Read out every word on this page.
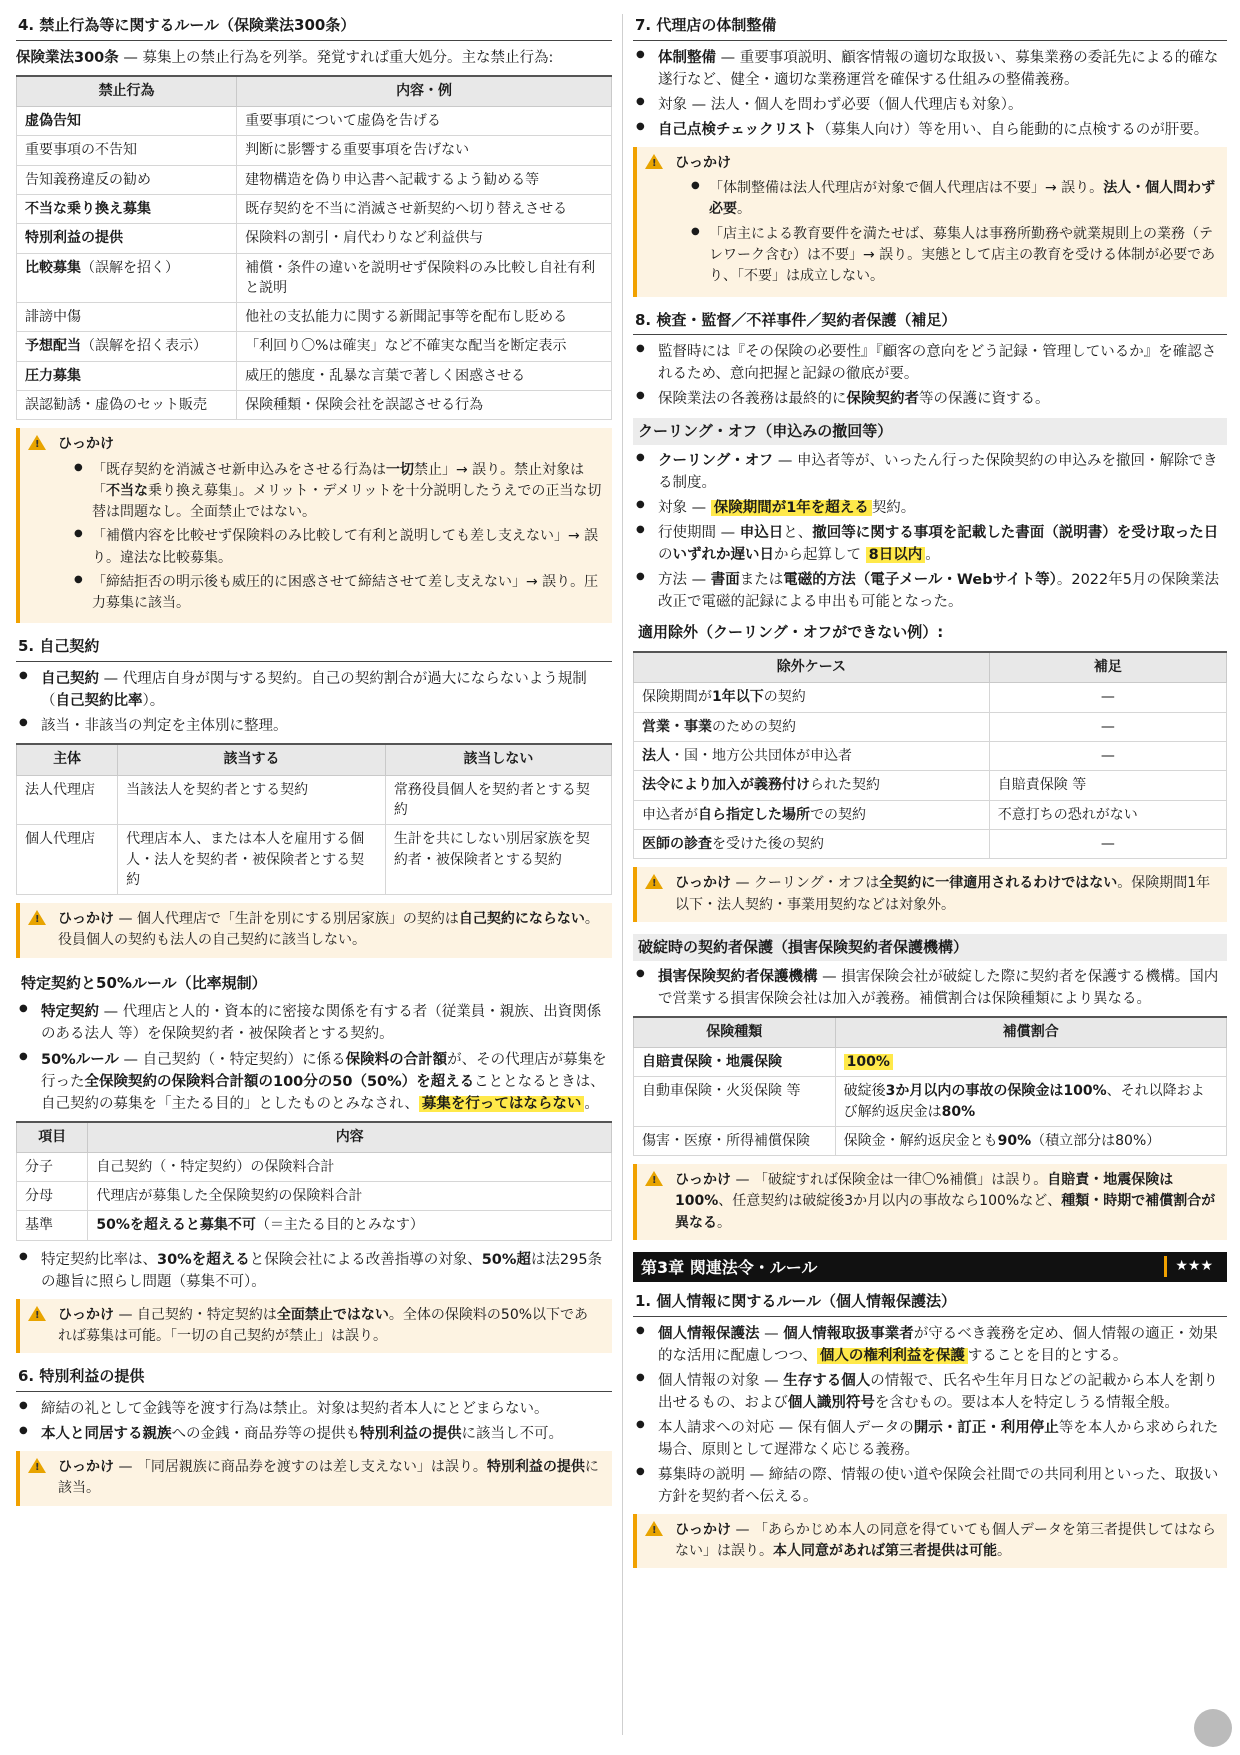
4. 禁止行為等に関するルール（保険業法300条）

保険業法300条 — 募集上の禁止行為を列挙。発覚すれば重大処分。主な禁止行為:

禁止行為	内容・例
虚偽告知	重要事項について虚偽を告げる
重要事項の不告知	判断に影響する重要事項を告げない
告知義務違反の勧め	建物構造を偽り申込書へ記載するよう勧める等
不当な乗り換え募集	既存契約を不当に消滅させ新契約へ切り替えさせる
特別利益の提供	保険料の割引・肩代わりなど利益供与
比較募集（誤解を招く）	補償・条件の違いを説明せず保険料のみ比較し自社有利と説明
誹謗中傷	他社の支払能力に関する新聞記事等を配布し貶める
予想配当（誤解を招く表示）	「利回り〇%は確実」など不確実な配当を断定表示
圧力募集	威圧的態度・乱暴な言葉で著しく困惑させる
誤認勧誘・虚偽のセット販売	保険種類・保険会社を誤認させる行為
!
ひっかけ
● 「既存契約を消滅させ新申込みをさせる行為は一切禁止」→ 誤り。禁止対象は「不当な乗り換え募集」。メリット・デメリットを十分説明したうえでの正当な切替は問題なし。全面禁止ではない。
● 「補償内容を比較せず保険料のみ比較して有利と説明しても差し支えない」→ 誤り。違法な比較募集。
● 「締結拒否の明示後も威圧的に困惑させて締結させて差し支えない」→ 誤り。圧力募集に該当。
5. 自己契約
● 自己契約 — 代理店自身が関与する契約。自己の契約割合が過大にならないよう規制（自己契約比率）。
● 該当・非該当の判定を主体別に整理。
主体	該当する	該当しない
法人代理店	当該法人を契約者とする契約	常務役員個人を契約者とする契約
個人代理店	代理店本人、または本人を雇用する個人・法人を契約者・被保険者とする契約	生計を共にしない別居家族を契約者・被保険者とする契約
!
ひっかけ — 個人代理店で「生計を別にする別居家族」の契約は自己契約にならない。役員個人の契約も法人の自己契約に該当しない。
特定契約と50%ルール（比率規制）
● 特定契約 — 代理店と人的・資本的に密接な関係を有する者（従業員・親族、出資関係のある法人 等）を保険契約者・被保険者とする契約。
● 50%ルール — 自己契約（・特定契約）に係る保険料の合計額が、その代理店が募集を行った全保険契約の保険料合計額の100分の50（50%）を超えることとなるときは、自己契約の募集を「主たる目的」としたものとみなされ、 募集を行ってはならない 。
項目	内容
分子	自己契約（・特定契約）の保険料合計
分母	代理店が募集した全保険契約の保険料合計
基準	50%を超えると募集不可（＝主たる目的とみなす）
● 特定契約比率は、30%を超えると保険会社による改善指導の対象、50%超は法295条の趣旨に照らし問題（募集不可）。
!
ひっかけ — 自己契約・特定契約は全面禁止ではない。全体の保険料の50%以下であれば募集は可能。「一切の自己契約が禁止」は誤り。
6. 特別利益の提供
● 締結の礼として金銭等を渡す行為は禁止。対象は契約者本人にとどまらない。
● 本人と同居する親族への金銭・商品券等の提供も特別利益の提供に該当し不可。
!
ひっかけ — 「同居親族に商品券を渡すのは差し支えない」は誤り。特別利益の提供に該当。
7. 代理店の体制整備
● 体制整備 — 重要事項説明、顧客情報の適切な取扱い、募集業務の委託先による的確な遂行など、健全・適切な業務運営を確保する仕組みの整備義務。
● 対象 — 法人・個人を問わず必要（個人代理店も対象）。
● 自己点検チェックリスト（募集人向け）等を用い、自ら能動的に点検するのが肝要。
!
ひっかけ
● 「体制整備は法人代理店が対象で個人代理店は不要」→ 誤り。法人・個人問わず必要。
● 「店主による教育要件を満たせば、募集人は事務所勤務や就業規則上の業務（テレワーク含む）は不要」→ 誤り。実態として店主の教育を受ける体制が必要であり、「不要」は成立しない。
8. 検査・監督／不祥事件／契約者保護（補足）
● 監督時には『その保険の必要性』『顧客の意向をどう記録・管理しているか』を確認されるため、意向把握と記録の徹底が要。
● 保険業法の各義務は最終的に保険契約者等の保護に資する。
クーリング・オフ（申込みの撤回等）
● クーリング・オフ — 申込者等が、いったん行った保険契約の申込みを撤回・解除できる制度。
● 対象 — 保険期間が1年を超える 契約。
● 行使期間 — 申込日と、撤回等に関する事項を記載した書面（説明書）を受け取った日のいずれか遅い日から起算して 8日以内 。
● 方法 — 書面または電磁的方法（電子メール・Webサイト等）。2022年5月の保険業法改正で電磁的記録による申出も可能となった。
適用除外（クーリング・オフができない例）:
除外ケース	補足
保険期間が1年以下の契約	—
営業・事業のための契約	—
法人・国・地方公共団体が申込者	—
法令により加入が義務付けられた契約	自賠責保険 等
申込者が自ら指定した場所での契約	不意打ちの恐れがない
医師の診査を受けた後の契約	—
!
ひっかけ — クーリング・オフは全契約に一律適用されるわけではない。保険期間1年以下・法人契約・事業用契約などは対象外。
破綻時の契約者保護（損害保険契約者保護機構）
● 損害保険契約者保護機構 — 損害保険会社が破綻した際に契約者を保護する機構。国内で営業する損害保険会社は加入が義務。補償割合は保険種類により異なる。
保険種類	補償割合
自賠責保険・地震保険	100%
自動車保険・火災保険 等	破綻後3か月以内の事故の保険金は100%、それ以降および解約返戻金は80%
傷害・医療・所得補償保険	保険金・解約返戻金とも90%（積立部分は80%）
!
ひっかけ — 「破綻すれば保険金は一律〇%補償」は誤り。自賠責・地震保険は100%、任意契約は破綻後3か月以内の事故なら100%など、種類・時期で補償割合が異なる。
第3章 関連法令・ルール	★★★
1. 個人情報に関するルール（個人情報保護法）
● 個人情報保護法 — 個人情報取扱事業者が守るべき義務を定め、個人情報の適正・効果的な活用に配慮しつつ、 個人の権利利益を保護 することを目的とする。
● 個人情報の対象 — 生存する個人の情報で、氏名や生年月日などの記載から本人を割り出せるもの、および個人識別符号を含むもの。要は本人を特定しうる情報全般。
● 本人請求への対応 — 保有個人データの開示・訂正・利用停止等を本人から求められた場合、原則として遅滞なく応じる義務。
● 募集時の説明 — 締結の際、情報の使い道や保険会社間での共同利用といった、取扱い方針を契約者へ伝える。
!
ひっかけ — 「あらかじめ本人の同意を得ていても個人データを第三者提供してはならない」は誤り。本人同意があれば第三者提供は可能。
